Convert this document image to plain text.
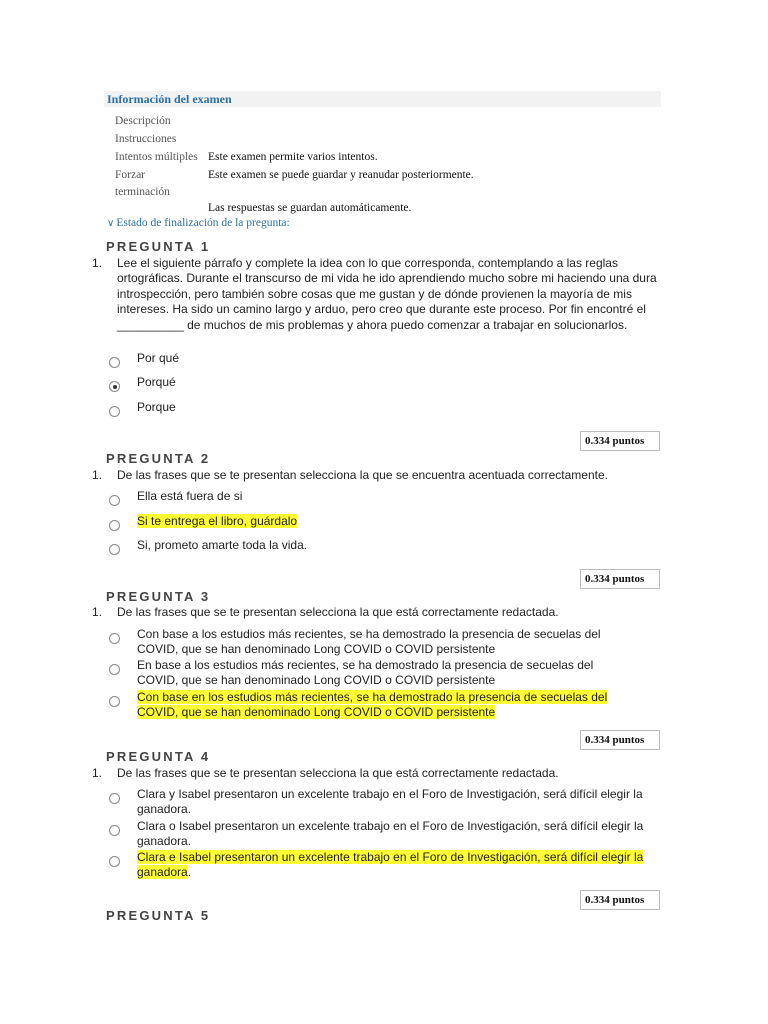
Información del examen
Descripción
Instrucciones
Intentos múltiples Este examen permite varios intentos.
Forzar terminación
Este examen se puede guardar y reanudar posteriormente.
Las respuestas se guardan automáticamente.
∨ Estado de finalización de la pregunta:
PREGUNTA 1
1. Lee el siguiente párrafo y complete la idea con lo que corresponda, contemplando a las reglas ortográficas. Durante el transcurso de mi vida he ido aprendiendo mucho sobre mi haciendo una dura introspección, pero también sobre cosas que me gustan y de dónde provienen la mayoría de mis intereses. Ha sido un camino largo y arduo, pero creo que durante este proceso. Por fin encontré el __________ de muchos de mis problemas y ahora puedo comenzar a trabajar en solucionarlos.
Por qué
Porqué
Porque
0.334 puntos
PREGUNTA 2
1. De las frases que se te presentan selecciona la que se encuentra acentuada correctamente.
Ella está fuera de si
Si te entrega el libro, guárdalo
Si, prometo amarte toda la vida.
0.334 puntos
PREGUNTA 3
1. De las frases que se te presentan selecciona la que está correctamente redactada.
Con base a los estudios más recientes, se ha demostrado la presencia de secuelas del COVID, que se han denominado Long COVID o COVID persistente
En base a los estudios más recientes, se ha demostrado la presencia de secuelas del COVID, que se han denominado Long COVID o COVID persistente
Con base en los estudios más recientes, se ha demostrado la presencia de secuelas del COVID, que se han denominado Long COVID o COVID persistente
0.334 puntos
PREGUNTA 4
1. De las frases que se te presentan selecciona la que está correctamente redactada.
Clara y Isabel presentaron un excelente trabajo en el Foro de Investigación, será difícil elegir la ganadora.
Clara o Isabel presentaron un excelente trabajo en el Foro de Investigación, será difícil elegir la ganadora.
Clara e Isabel presentaron un excelente trabajo en el Foro de Investigación, será difícil elegir la ganadora.
0.334 puntos
PREGUNTA 5
